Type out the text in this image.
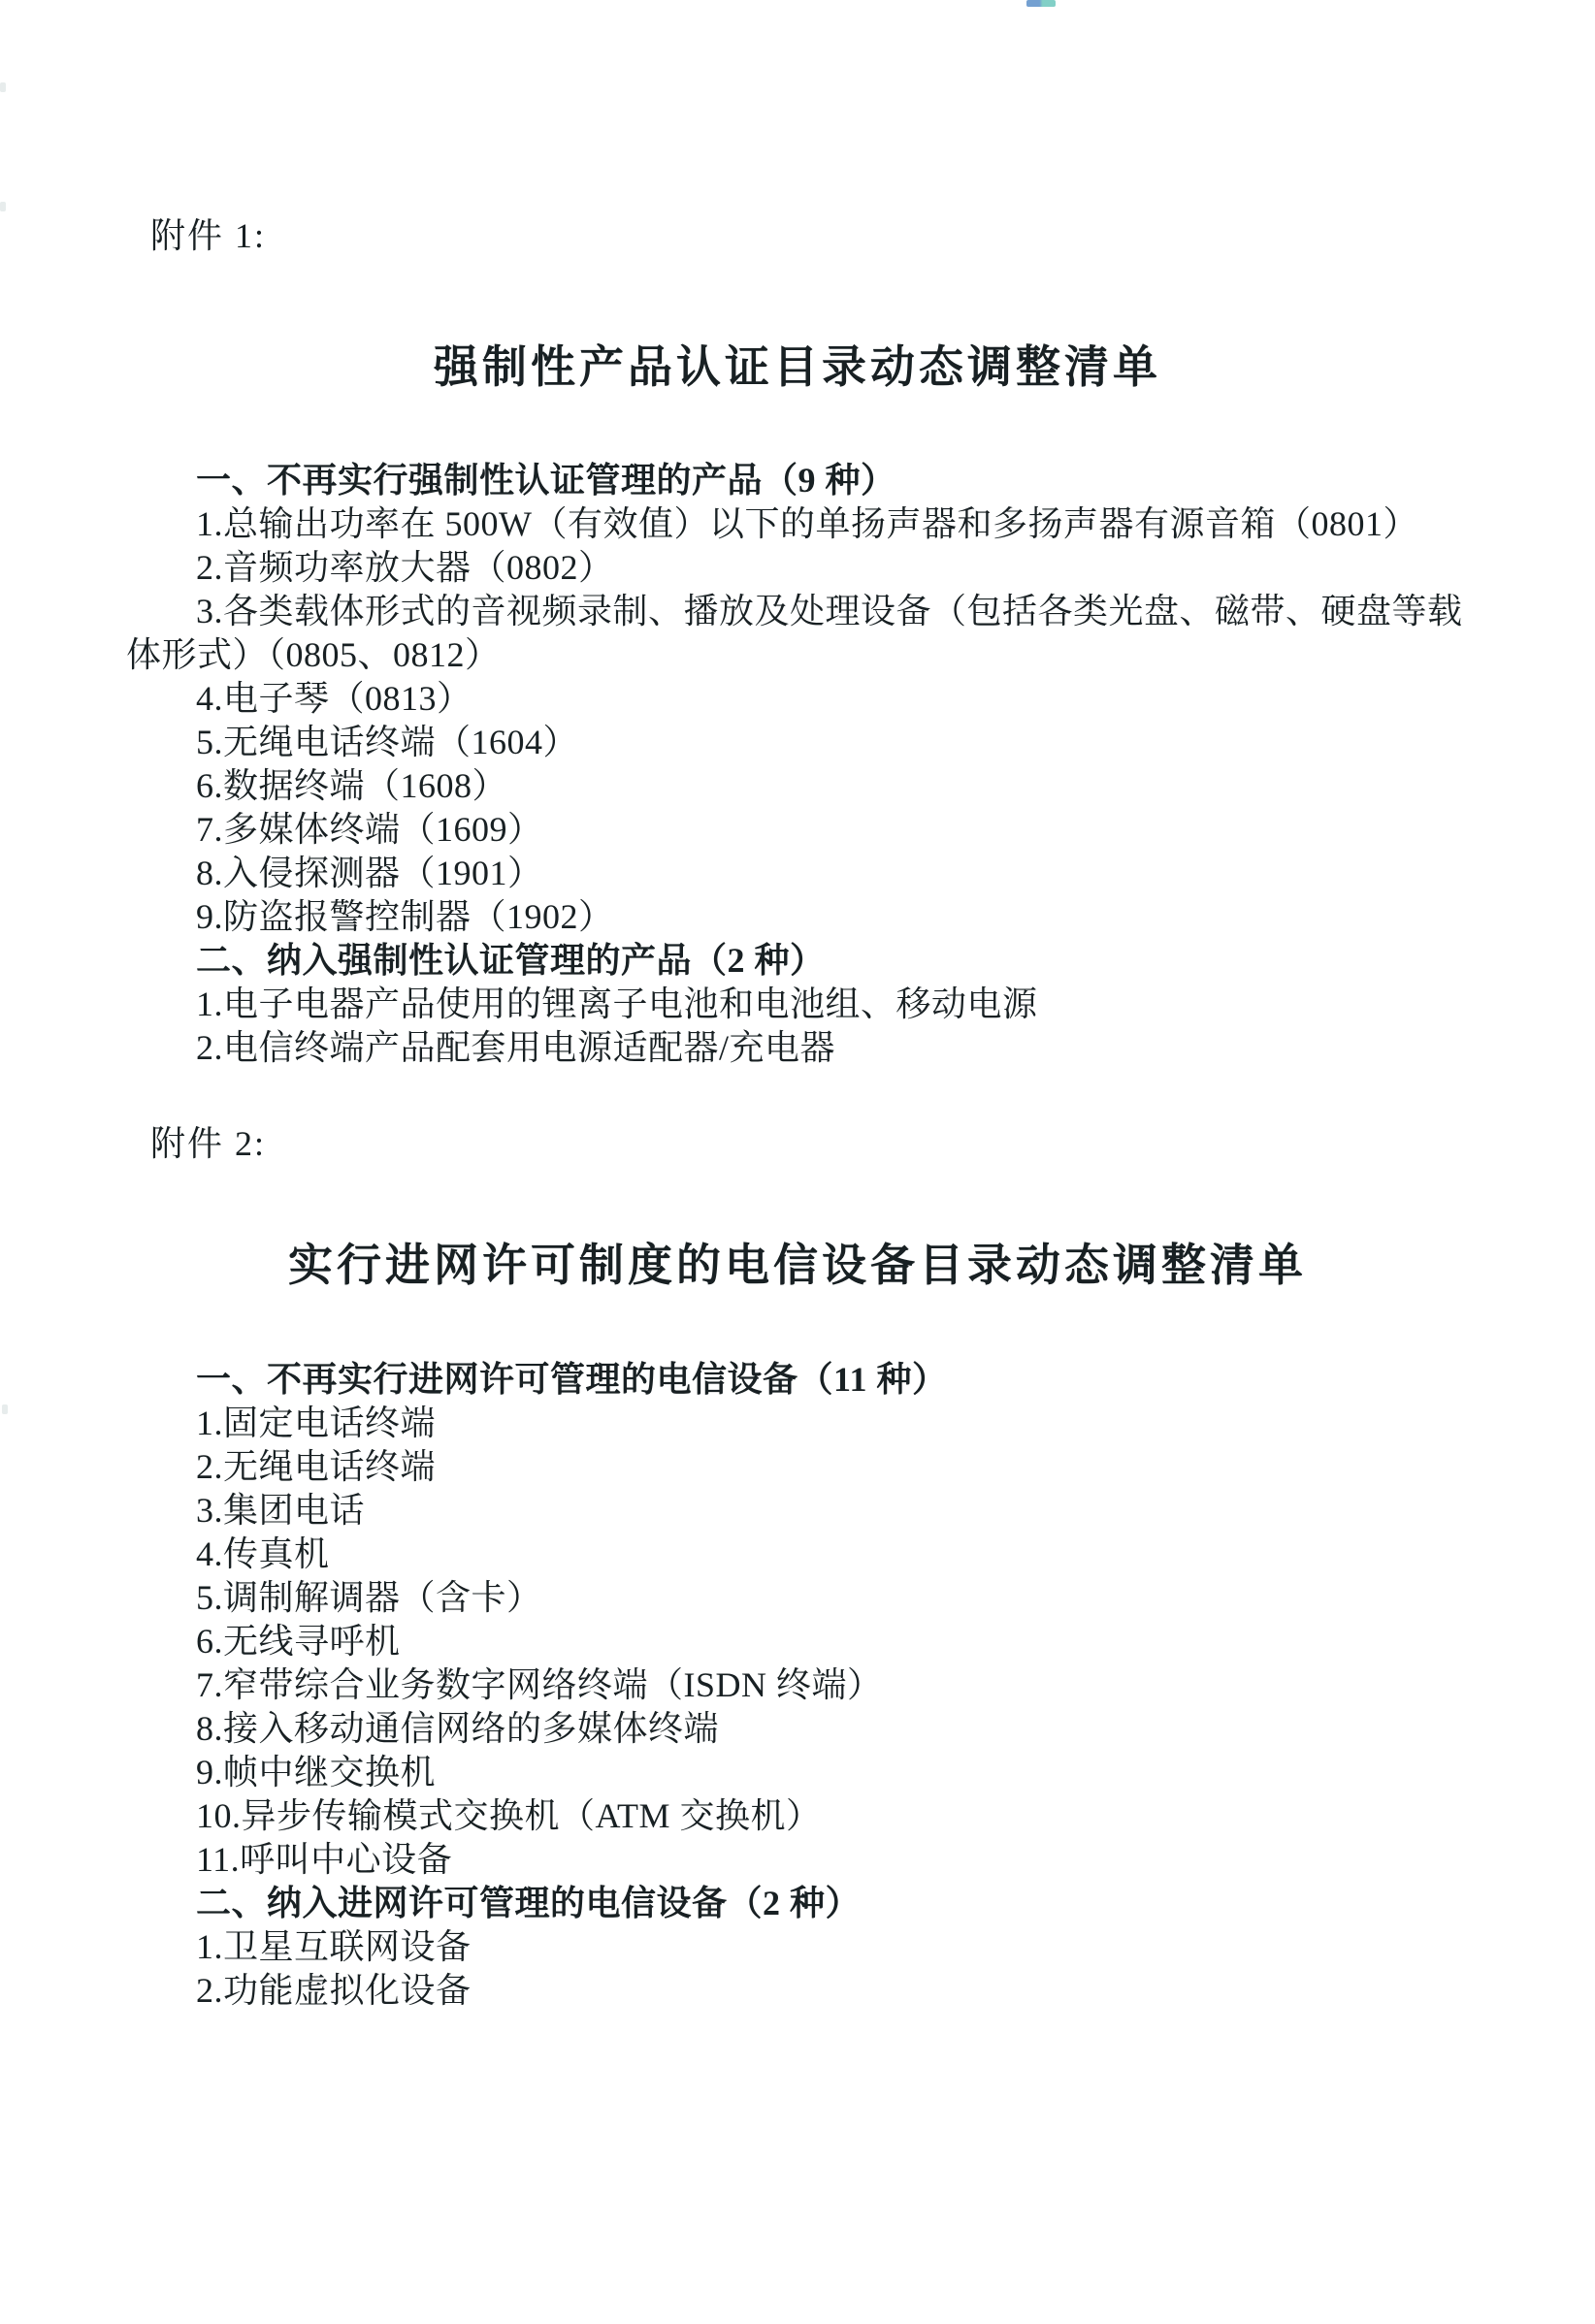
附件 1:
强制性产品认证目录动态调整清单

一、不再实行强制性认证管理的产品（9 种）

1.总输出功率在 500W（有效值）以下的单扬声器和多扬声器有源音箱（0801）

2.音频功率放大器（0802）

3.各类载体形式的音视频录制、播放及处理设备（包括各类光盘、磁带、硬盘等载体形式）（0805、0812）

4.电子琴（0813）

5.无绳电话终端（1604）

6.数据终端（1608）

7.多媒体终端（1609）

8.入侵探测器（1901）

9.防盗报警控制器（1902）

二、纳入强制性认证管理的产品（2 种）

1.电子电器产品使用的锂离子电池和电池组、移动电源

2.电信终端产品配套用电源适配器/充电器

附件 2:
实行进网许可制度的电信设备目录动态调整清单

一、不再实行进网许可管理的电信设备（11 种）

1.固定电话终端

2.无绳电话终端

3.集团电话

4.传真机

5.调制解调器（含卡）

6.无线寻呼机

7.窄带综合业务数字网络终端（ISDN 终端）

8.接入移动通信网络的多媒体终端

9.帧中继交换机

10.异步传输模式交换机（ATM 交换机）

11.呼叫中心设备

二、纳入进网许可管理的电信设备（2 种）

1.卫星互联网设备

2.功能虚拟化设备
